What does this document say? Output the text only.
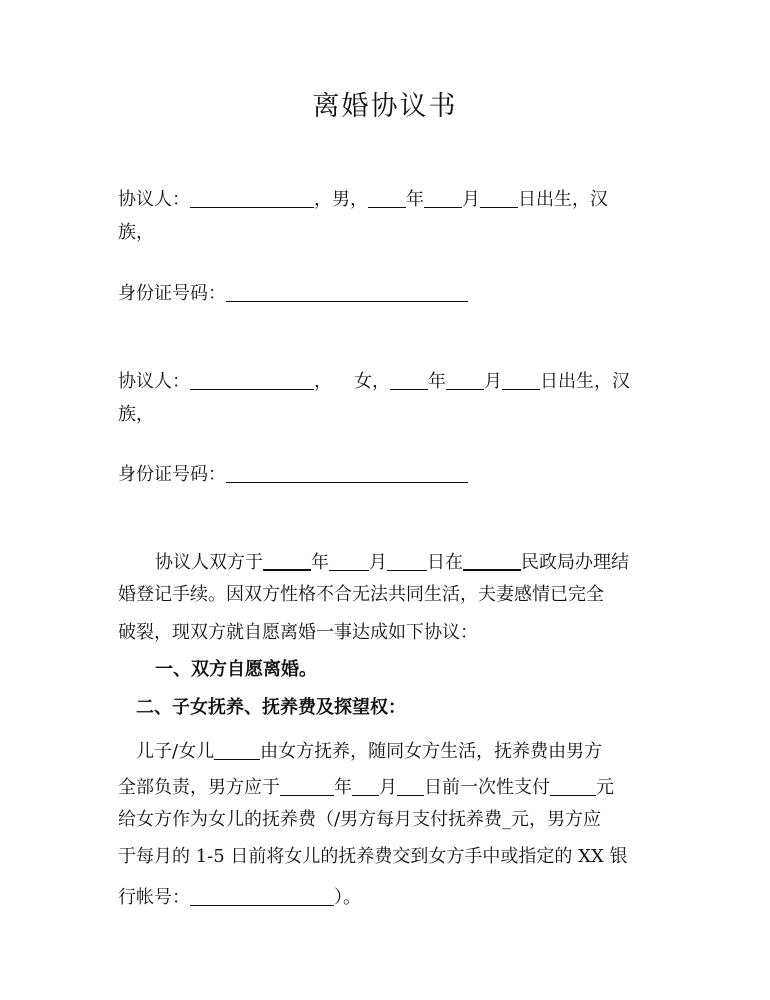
离婚协议书
协议人：	，男， 年 月 日出生，汉
族，
身份证号码：
协议人：	， 女， 年 月 日出生，汉
族，
身份证号码：
协议人双方于	年 月 日在	民政局办理结
婚登记手续。因双方性格不合无法共同生活，夫妻感情已完全
破裂，现双方就自愿离婚一事达成如下协议：
一、双方自愿离婚。
二、子女抚养、抚养费及探望权：
儿子/女儿	由女方抚养，随同女方生活，抚养费由男方
全部负责，男方应于	年 月 日前一次性支付	元
给女方作为女儿的抚养费（/男方每月支付抚养费_元，男方应
于每月的 1-5 日前将女儿的抚养费交到女方手中或指定的 XX 银
行帐号：	）。
